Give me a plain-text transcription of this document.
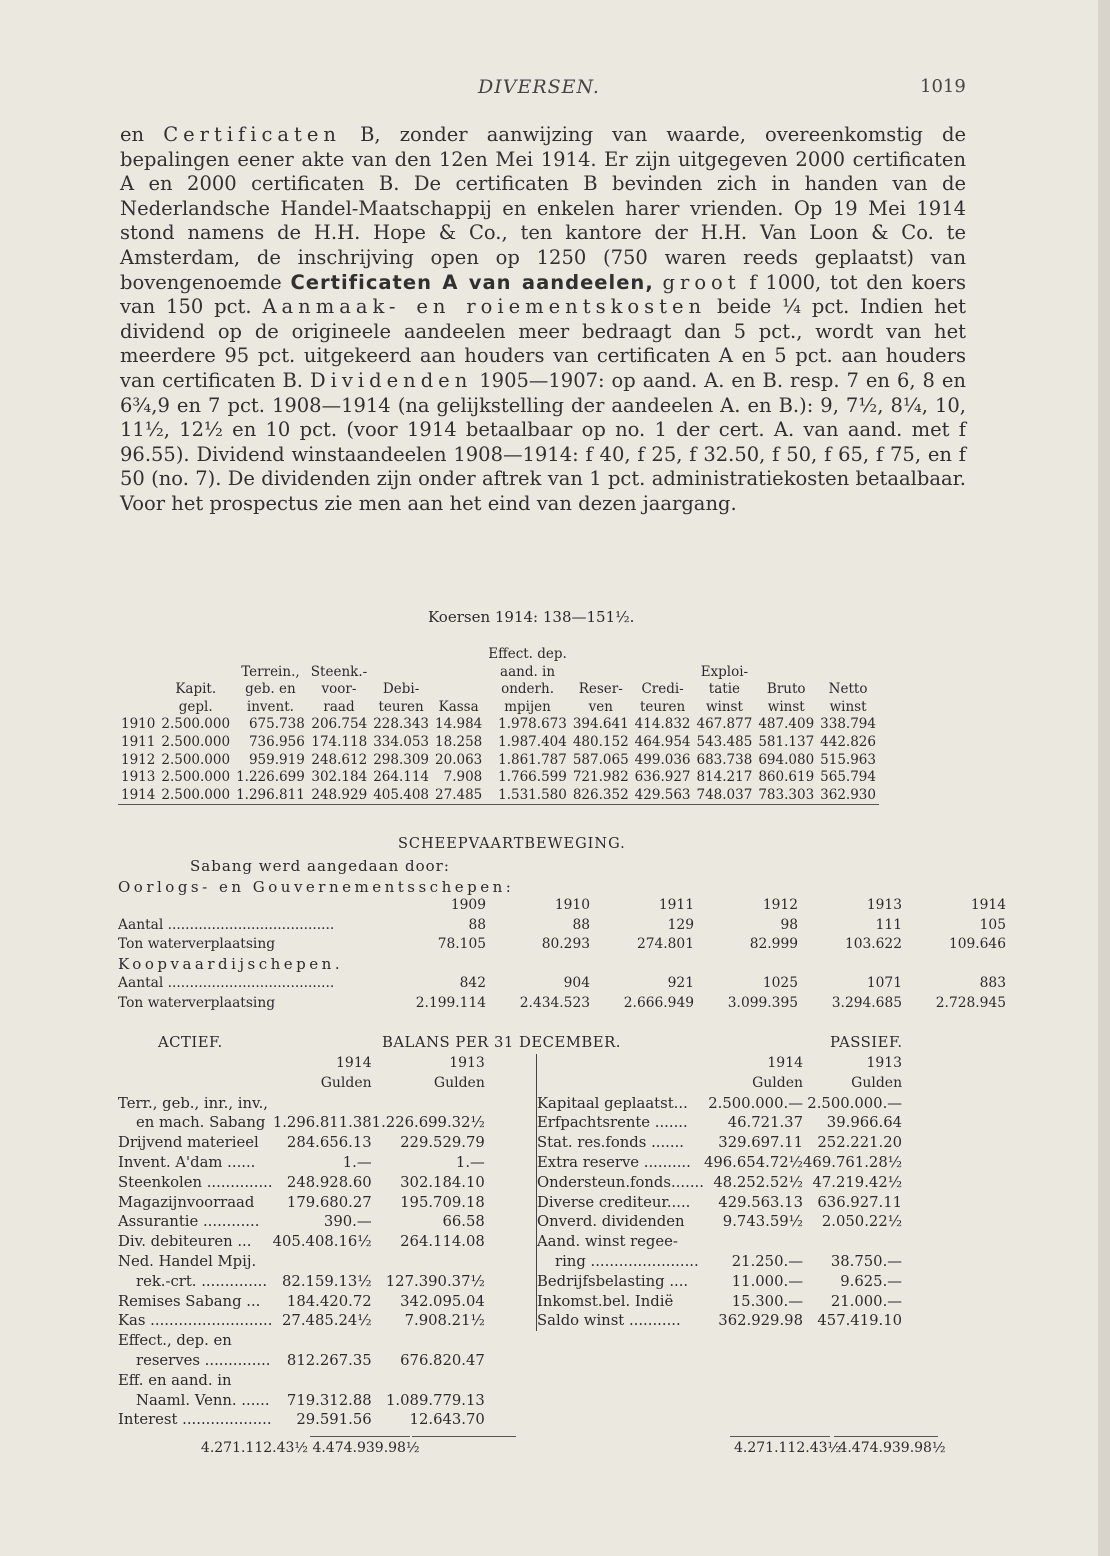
DIVERSEN.	1019
en Certificaten B, zonder aanwijzing van waarde, overeenkomstig de bepalingen eener akte van den 12en Mei 1914. Er zijn uitgegeven 2000 certificaten A en 2000 certificaten B. De certificaten B bevinden zich in handen van de Nederlandsche Handel-Maatschappij en enkelen harer vrienden. Op 19 Mei 1914 stond namens de H.H. Hope & Co., ten kantore der H.H. Van Loon & Co. te Amsterdam, de inschrijving open op 1250 (750 waren reeds geplaatst) van bovengenoemde Certificaten A van aandeelen, groot f 1000, tot den koers van 150 pct. Aanmaak- en roiementskosten beide ¼ pct. Indien het dividend op de origineele aandeelen meer bedraagt dan 5 pct., wordt van het meerdere 95 pct. uitgekeerd aan houders van certificaten A en 5 pct. aan houders van certificaten B. Dividenden 1905—1907: op aand. A. en B. resp. 7 en 6, 8 en 6¾,9 en 7 pct. 1908—1914 (na gelijkstelling der aandeelen A. en B.): 9, 7½, 8¼, 10, 11½, 12½ en 10 pct. (voor 1914 betaalbaar op no. 1 der cert. A. van aand. met f 96.55). Dividend winstaandeelen 1908—1914: f 40, f 25, f 32.50, f 50, f 65, f 75, en f 50 (no. 7). De dividenden zijn onder aftrek van 1 pct. administratiekosten betaalbaar. Voor het prospectus zie men aan het eind van dezen jaargang.
Koersen 1914: 138—151½.
						Effect. dep.					
		Terrein.,	Steenk.-			aand. in			Exploi-		
	Kapit.	geb. en	voor-	Debi-		onderh.	Reser-	Credi-	tatie	Bruto	Netto
	gepl.	invent.	raad	teuren	Kassa	mpijen	ven	teuren	winst	winst	winst
1910	2.500.000	675.738	206.754	228.343	14.984	1.978.673	394.641	414.832	467.877	487.409	338.794
1911	2.500.000	736.956	174.118	334.053	18.258	1.987.404	480.152	464.954	543.485	581.137	442.826
1912	2.500.000	959.919	248.612	298.309	20.063	1.861.787	587.065	499.036	683.738	694.080	515.963
1913	2.500.000	1.226.699	302.184	264.114	7.908	1.766.599	721.982	636.927	814.217	860.619	565.794
1914	2.500.000	1.296.811	248.929	405.408	27.485	1.531.580	826.352	429.563	748.037	783.303	362.930
SCHEEPVAARTBEWEGING.
Sabang werd aangedaan door:
Oorlogs- en Gouvernementsschepen:
	1909	1910	1911	1912	1913	1914
Aantal ......................................	88	88	129	98	111	105
Ton waterverplaatsing	78.105	80.293	274.801	82.999	103.622	109.646
Koopvaardijschepen.						
Aantal ......................................	842	904	921	1025	1071	883
Ton waterverplaatsing	2.199.114	2.434.523	2.666.949	3.099.395	3.294.685	2.728.945
ACTIEF.	BALANS PER 31 DECEMBER.	PASSIEF.
	1914	1913
	Gulden	Gulden
Terr., geb., inr., inv.,		
en mach. Sabang	1.296.811.38	1.226.699.32½
Drijvend materieel	284.656.13	229.529.79
Invent. A'dam ......	1.—	1.—
Steenkolen ..............	248.928.60	302.184.10
Magazijnvoorraad	179.680.27	195.709.18
Assurantie ............	390.—	66.58
Div. debiteuren ...	405.408.16½	264.114.08
Ned. Handel Mpij.		
rek.-crt. ..............	82.159.13½	127.390.37½
Remises Sabang ...	184.420.72	342.095.04
Kas ..........................	27.485.24½	7.908.21½
Effect., dep. en		
reserves ..............	812.267.35	676.820.47
Eff. en aand. in		
Naaml. Venn. ......	719.312.88	1.089.779.13
Interest ...................	29.591.56	12.643.70
	1914	1913
	Gulden	Gulden
Kapitaal geplaatst...	2.500.000.—	2.500.000.—
Erfpachtsrente .......	46.721.37	39.966.64
Stat. res.fonds .......	329.697.11	252.221.20
Extra reserve ..........	496.654.72½	469.761.28½
Ondersteun.fonds.......	48.252.52½	47.219.42½
Diverse crediteur.....	429.563.13	636.927.11
Onverd. dividenden	9.743.59½	2.050.22½
Aand. winst regee-		
ring .......................	21.250.—	38.750.—
Bedrijfsbelasting ....	11.000.—	9.625.—
Inkomst.bel. Indië	15.300.—	21.000.—
Saldo winst ...........	362.929.98	457.419.10
4.271.112.43½ 4.474.939.98½	4.271.112.43½ 4.474.939.98½
